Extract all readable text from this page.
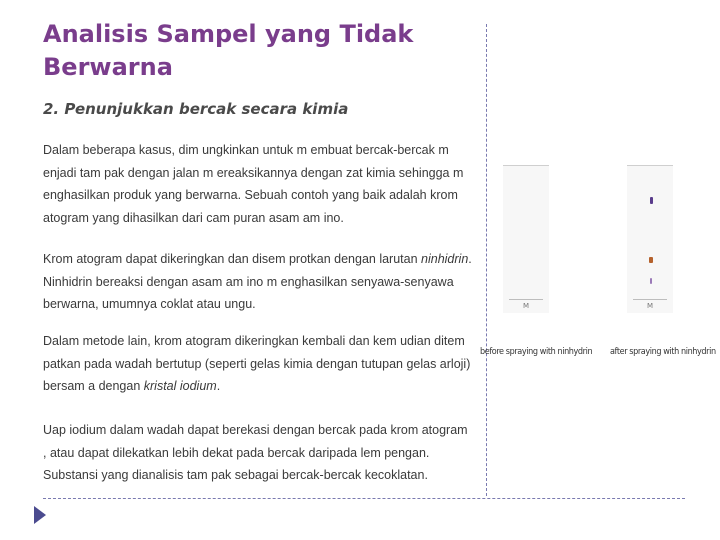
Analisis Sampel yang Tidak Berwarna
2. Penunjukkan bercak secara kimia

Dalam beberapa kasus, dim ungkinkan untuk m embuat bercak-bercak m enjadi tam pak dengan jalan m ereaksikannya dengan zat kimia sehingga m enghasilkan produk yang berwarna. Sebuah contoh yang baik adalah krom atogram yang dihasilkan dari cam puran asam am ino.

Krom atogram dapat dikeringkan dan disem protkan dengan larutan ninhidrin. Ninhidrin bereaksi dengan asam am ino m enghasilkan senyawa-senyawa berwarna, umumnya coklat atau ungu.

Dalam metode lain, krom atogram dikeringkan kembali dan kem udian ditem patkan pada wadah bertutup (seperti gelas kimia dengan tutupan gelas arloji) bersam a dengan kristal iodium.

Uap iodium dalam wadah dapat berekasi dengan bercak pada krom atogram , atau dapat dilekatkan lebih dekat pada bercak daripada lem pengan. Substansi yang dianalisis tam pak sebagai bercak-bercak kecoklatan.

M	M
before spraying with ninhydrin after spraying with ninhydrin
